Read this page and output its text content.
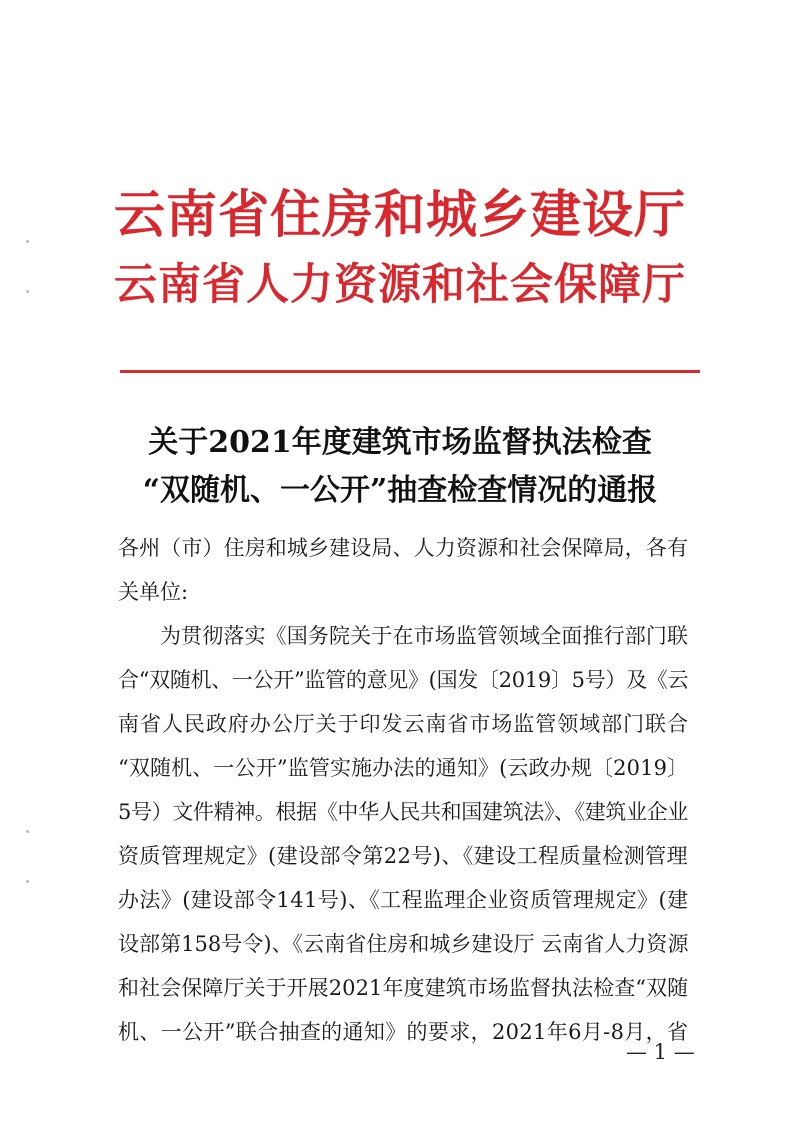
云南省住房和城乡建设厅
云南省人力资源和社会保障厅
关于2021年度建筑市场监督执法检查
“双随机、一公开”抽查检查情况的通报
各州（市）住房和城乡建设局、人力资源和社会保障局，各有
关单位:
为贯彻落实《国务院关于在市场监管领域全面推行部门联
合“双随机、一公开”监管的意见》(国发〔2019〕5号）及《云
南省人民政府办公厅关于印发云南省市场监管领域部门联合
“双随机、一公开”监管实施办法的通知》(云政办规〔2019〕
5号）文件精神。根据《中华人民共和国建筑法》、《建筑业企业
资质管理规定》(建设部令第22号)、《建设工程质量检测管理
办法》(建设部令141号)、《工程监理企业资质管理规定》(建
设部第158号令)、《云南省住房和城乡建设厅 云南省人力资源
和社会保障厅关于开展2021年度建筑市场监督执法检查“双随
机、一公开”联合抽查的通知》的要求，2021年6月-8月，省
— 1 —
